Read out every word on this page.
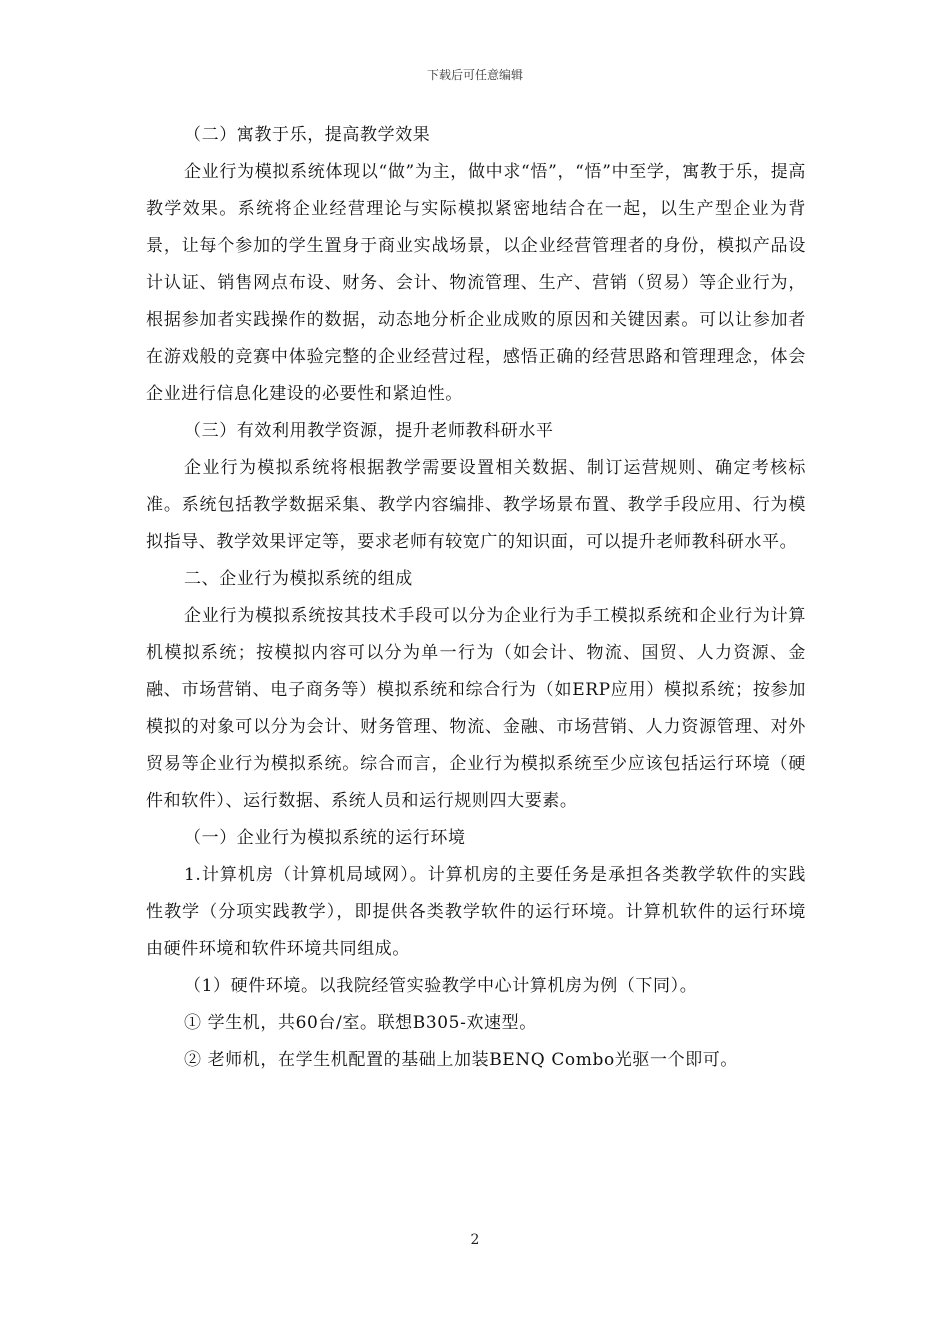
下载后可任意编辑

（二）寓教于乐，提高教学效果

企业行为模拟系统体现以“做”为主，做中求“悟”，“悟”中至学，寓教于乐，提高教学效果。系统将企业经营理论与实际模拟紧密地结合在一起，以生产型企业为背景，让每个参加的学生置身于商业实战场景，以企业经营管理者的身份，模拟产品设计认证、销售网点布设、财务、会计、物流管理、生产、营销（贸易）等企业行为，根据参加者实践操作的数据，动态地分析企业成败的原因和关键因素。可以让参加者在游戏般的竞赛中体验完整的企业经营过程，感悟正确的经营思路和管理理念，体会企业进行信息化建设的必要性和紧迫性。

（三）有效利用教学资源，提升老师教科研水平

企业行为模拟系统将根据教学需要设置相关数据、制订运营规则、确定考核标准。系统包括教学数据采集、教学内容编排、教学场景布置、教学手段应用、行为模拟指导、教学效果评定等，要求老师有较宽广的知识面，可以提升老师教科研水平。

二、企业行为模拟系统的组成

企业行为模拟系统按其技术手段可以分为企业行为手工模拟系统和企业行为计算机模拟系统；按模拟内容可以分为单一行为（如会计、物流、国贸、人力资源、金融、市场营销、电子商务等）模拟系统和综合行为（如ERP应用）模拟系统；按参加模拟的对象可以分为会计、财务管理、物流、金融、市场营销、人力资源管理、对外贸易等企业行为模拟系统。综合而言，企业行为模拟系统至少应该包括运行环境（硬件和软件）、运行数据、系统人员和运行规则四大要素。

（一）企业行为模拟系统的运行环境

1.计算机房（计算机局域网）。计算机房的主要任务是承担各类教学软件的实践性教学（分项实践教学），即提供各类教学软件的运行环境。计算机软件的运行环境由硬件环境和软件环境共同组成。

（1）硬件环境。以我院经管实验教学中心计算机房为例（下同）。

① 学生机，共60台/室。联想B305-欢速型。

② 老师机，在学生机配置的基础上加装BENQ Combo光驱一个即可。

2
